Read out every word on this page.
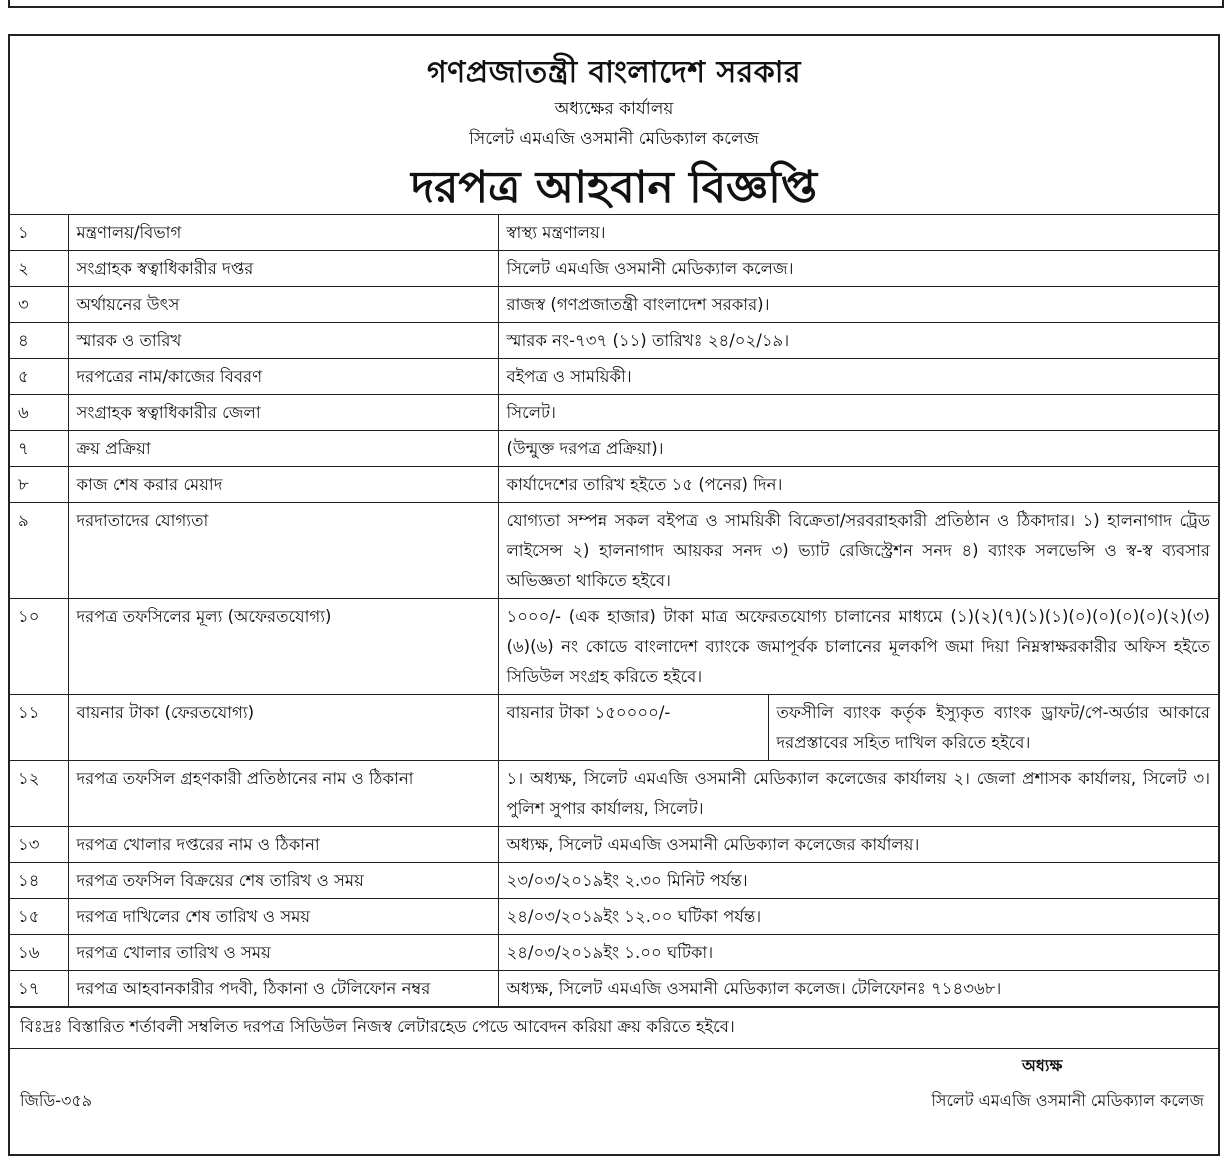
গণপ্রজাতন্ত্রী বাংলাদেশ সরকার
অধ্যক্ষের কার্যালয়
সিলেট এমএজি ওসমানী মেডিক্যাল কলেজ
দরপত্র আহবান বিজ্ঞপ্তি
১	মন্ত্রণালয়/বিভাগ	স্বাস্থ্য মন্ত্রণালয়।	
২	সংগ্রাহক স্বত্বাধিকারীর দপ্তর	সিলেট এমএজি ওসমানী মেডিক্যাল কলেজ।	
৩	অর্থায়নের উৎস	রাজস্ব (গণপ্রজাতন্ত্রী বাংলাদেশ সরকার)।	
৪	স্মারক ও তারিখ	স্মারক নং-৭৩৭ (১১) তারিখঃ ২৪/০২/১৯।	
৫	দরপত্রের নাম/কাজের বিবরণ	বইপত্র ও সাময়িকী।	
৬	সংগ্রাহক স্বত্বাধিকারীর জেলা	সিলেট।	
৭	ক্রয় প্রক্রিয়া	(উন্মুক্ত দরপত্র প্রক্রিয়া)।	
৮	কাজ শেষ করার মেয়াদ	কার্যাদেশের তারিখ হইতে ১৫ (পনের) দিন।	
৯	দরদাতাদের যোগ্যতা	যোগ্যতা সম্পন্ন সকল বইপত্র ও সাময়িকী বিক্রেতা/সরবরাহকারী প্রতিষ্ঠান ও ঠিকাদার। ১) হালনাগাদ ট্রেড লাইসেন্স ২) হালনাগাদ আয়কর সনদ ৩) ভ্যাট রেজিস্ট্রেশন সনদ ৪) ব্যাংক সলভেন্সি ও স্ব-স্ব ব্যবসার অভিজ্ঞতা থাকিতে হইবে।	
১০	দরপত্র তফসিলের মূল্য (অফেরতযোগ্য)	১০০০/- (এক হাজার) টাকা মাত্র অফেরতযোগ্য চালানের মাধ্যমে (১)(২)(৭)(১)(১)(০)(০)(০)(০)(২)(৩)(৬)(৬) নং কোডে বাংলাদেশ ব্যাংকে জমাপূর্বক চালানের মূলকপি জমা দিয়া নিম্নস্বাক্ষরকারীর অফিস হইতে সিডিউল সংগ্রহ করিতে হইবে।	
১১	বায়নার টাকা (ফেরতযোগ্য)	বায়নার টাকা ১৫০০০০/-	তফসীলি ব্যাংক কর্তৃক ইস্যুকৃত ব্যাংক ড্রাফট/পে-অর্ডার আকারে দরপ্রস্তাবের সহিত দাখিল করিতে হইবে।
১২	দরপত্র তফসিল গ্রহণকারী প্রতিষ্ঠানের নাম ও ঠিকানা	১। অধ্যক্ষ, সিলেট এমএজি ওসমানী মেডিক্যাল কলেজের কার্যালয় ২। জেলা প্রশাসক কার্যালয়, সিলেট ৩। পুলিশ সুপার কার্যালয়, সিলেট।	
১৩	দরপত্র খোলার দপ্তরের নাম ও ঠিকানা	অধ্যক্ষ, সিলেট এমএজি ওসমানী মেডিক্যাল কলেজের কার্যালয়।	
১৪	দরপত্র তফসিল বিক্রয়ের শেষ তারিখ ও সময়	২৩/০৩/২০১৯ইং ২.৩০ মিনিট পর্যন্ত।	
১৫	দরপত্র দাখিলের শেষ তারিখ ও সময়	২৪/০৩/২০১৯ইং ১২.০০ ঘটিকা পর্যন্ত।	
১৬	দরপত্র খোলার তারিখ ও সময়	২৪/০৩/২০১৯ইং ১.০০ ঘটিকা।	
১৭	দরপত্র আহবানকারীর পদবী, ঠিকানা ও টেলিফোন নম্বর	অধ্যক্ষ, সিলেট এমএজি ওসমানী মেডিক্যাল কলেজ। টেলিফোনঃ ৭১৪৩৬৮।	
বিঃদ্রঃ বিস্তারিত শর্তাবলী সম্বলিত দরপত্র সিডিউল নিজস্ব লেটারহেড পেডে আবেদন করিয়া ক্রয় করিতে হইবে।
অধ্যক্ষ
জিডি-৩৫৯	সিলেট এমএজি ওসমানী মেডিক্যাল কলেজ
